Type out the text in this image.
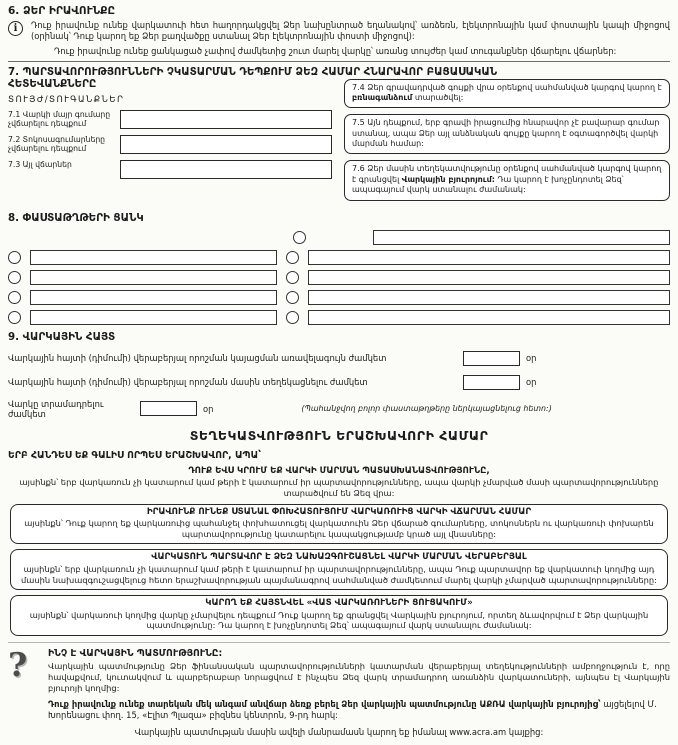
6. ՁԵՐ ԻՐԱՎՈՒՆՔԸ
i	Դուք իրավունք ունեք վարկատուի հետ հաղորդակցվել Ձեր նախընտրած եղանակով՝ առձեռն, էլեկտրոնային կամ փոստային կապի միջոցով (օրինակ՝ Դուք կարող եք Ձեր քաղվածքը ստանալ Ձեր էլեկտրոնային փոստի միջոցով):

Դուք իրավունք ունեք ցանկացած չափով ժամկետից շուտ մարել վարկը՝ առանց տույժեր կամ տուգանքներ վճարելու վճարներ:

7. ՊԱՐՏԱՎՈՐՈՒԹՅՈՒՆՆԵՐԻ ՉԿԱՏԱՐՄԱՆ ԴԵՊՔՈՒՄ ՁԵԶ ՀԱՄԱՐ ՀՆԱՐԱՎՈՐ ԲԱՑԱՍԱԿԱՆ ՀԵՏԵՎԱՆՔՆԵՐԸ
ՏՈՒՅԺ/ՏՈՒԳԱՆՔՆԵՐ
7.1 Վարկի մայր գումարը չվճարելու դեպքում
7.2 Տոկոսագումարները չվճարելու դեպքում
7.3 Այլ վճարներ
7.4 Ձեր գրավադրված գույքի վրա օրենքով սահմանված կարգով կարող է բռնագանձում տարածվել:
7.5 Այն դեպքում, երբ գրավի իրացումից հնարավոր չէ բավարար գումար ստանալ, ապա Ձեր այլ անձնական գույքը կարող է օգտագործվել վարկի մարման համար:
7.6 Ձեր մասին տեղեկատվությունը օրենքով սահմանված կարգով կարող է գրանցվել Վարկային բյուրոյում: Դա կարող է խոչընդոտել Ձեզ՝ ապագայում վարկ ստանալու ժամանակ:
8. ՓԱՍՏԱԹՂԹԵՐԻ ՑԱՆԿ
9. ՎԱՐԿԱՅԻՆ ՀԱՅՏ
Վարկային հայտի (դիմումի) վերաբերյալ որոշման կայացման առավելագույն ժամկետ	օր
Վարկային հայտի (դիմումի) վերաբերյալ որոշման մասին տեղեկացնելու ժամկետ	օր
Վարկը տրամադրելու ժամկետ	օր	(Պահանջվող բոլոր փաստաթղթերը ներկայացնելուց հետո:)
ՏԵՂԵԿԱՏՎՈՒԹՅՈՒՆ ԵՐԱՇԽԱՎՈՐԻ ՀԱՄԱՐ
ԵՐԲ ՀԱՆԴԵՍ ԵՔ ԳԱԼԻՍ ՈՐՊԵՍ ԵՐԱՇԽԱՎՈՐ, ԱՊԱ՝
ԴՈՒՔ ԵՎՍ ԿՐՈՒՄ ԵՔ ՎԱՐԿԻ ՄԱՐՄԱՆ ՊԱՏԱՍԽԱՆԱՏՎՈՒԹՅՈՒՆԸ,
այսինքն՝ երբ վարկառուն չի կատարում կամ թերի է կատարում իր պարտավորությունները, ապա վարկի չմարված մասի պարտավորությունները տարածվում են Ձեզ վրա:
ԻՐԱՎՈՒՆՔ ՈՒՆԵՔ ՍՏԱՆԱԼ ՓՈԽՀԱՏՈՒՑՈՒՄ ՎԱՐԿԱՌՈՒԻՑ ՎԱՐԿԻ ՎՃԱՐՄԱՆ ՀԱՄԱՐ
այսինքն՝ Դուք կարող եք վարկառուից պահանջել փոխհատուցել վարկատուին Ձեր վճարած գումարները, տոկոսներն ու վարկառուի փոխարեն պարտավորությունը կատարելու կապակցությամբ կրած այլ վնասները:
ՎԱՐԿԱՏՈՒՆ ՊԱՐՏԱՎՈՐ Է ՁԵԶ ՆԱԽԱԶԳՈՒՇԱՑՆԵԼ ՎԱՐԿԻ ՄԱՐՄԱՆ ՎԵՐԱԲԵՐՅԱԼ
այսինքն՝ երբ վարկառուն չի կատարում կամ թերի է կատարում իր պարտավորությունները, ապա Դուք պարտավոր եք վարկատուի կողմից այդ մասին նախազգուշացվելուց հետո երաշխավորության պայմանագրով սահմանված ժամկետում մարել վարկի չմարված պարտավորությունները:
ԿԱՐՈՂ ԵՔ ՀԱՅՏՆՎԵԼ «ՎԱՏ ՎԱՐԿԱՌՈՒՆԵՐԻ ՑՈՒՑԱԿՈՒՄ»
այսինքն՝ վարկառուի կողմից վարկը չմարվելու դեպքում Դուք կարող եք գրանցվել Վարկային բյուրոյում, որտեղ ձևավորվում է Ձեր վարկային պատմությունը: Դա կարող է խոչընդոտել Ձեզ՝ ապագայում վարկ ստանալու ժամանակ:
?	ԻՆՉ Է ՎԱՐԿԱՅԻՆ ՊԱՏՄՈՒԹՅՈՒՆԸ:
Վարկային պատմությունը Ձեր ֆինանսական պարտավորությունների կատարման վերաբերյալ տեղեկությունների ամբողջություն է, որը հավաքվում, կուտակվում և պարբերաբար նորացվում է ինչպես Ձեզ վարկ տրամադրող առանձին վարկատուների, այնպես էլ Վարկային բյուրոյի կողմից:
Դուք իրավունք ունեք տարեկան մեկ անգամ անվճար ձեռք բերել Ձեր վարկային պատմությունը ԱՔՌԱ վարկային բյուրոյից՝ այցելելով Մ. Խորենացու փող. 15, «Էլիտ Պլազա» բիզնես կենտրոն, 9-րդ հարկ:
Վարկային պատմության մասին ավելի մանրամասն կարող եք իմանալ www.acra.am կայքից:
